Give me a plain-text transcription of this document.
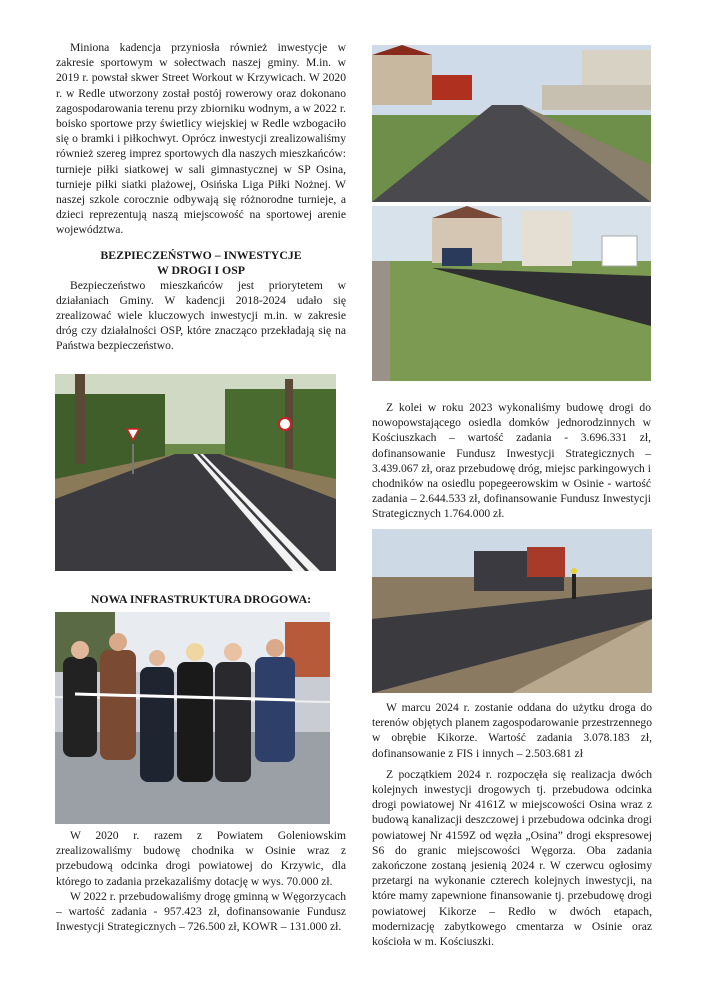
Miniona kadencja przyniosła również inwestycje w zakresie sportowym w sołectwach naszej gminy. M.in. w 2019 r. powstał skwer Street Workout w Krzywicach. W 2020 r. w Redle utworzony został postój rowerowy oraz dokonano zagospodarowania terenu przy zbiorniku wodnym, a w 2022 r. boisko sportowe przy świetlicy wiejskiej w Redle wzbogaciło się o bramki i piłkochwyt. Oprócz inwestycji zrealizowaliśmy również szereg imprez sportowych dla naszych mieszkańców: turnieje piłki siatkowej w sali gimnastycznej w SP Osina, turnieje piłki siatki plażowej, Osińska Liga Piłki Nożnej. W naszej szkole corocznie odbywają się różnorodne turnieje, a dzieci reprezentują naszą miejscowość na sportowej arenie województwa.

BEZPIECZEŃSTWO – INWESTYCJE

W DROGI I OSP

Bezpieczeństwo mieszkańców jest priorytetem w działaniach Gminy. W kadencji 2018-2024 udało się zrealizować wiele kluczowych inwestycji m.in. w zakresie dróg czy działalności OSP, które znacząco przekładają się na Państwa bezpieczeństwo.

NOWA INFRASTRUKTURA DROGOWA:

W 2020 r. razem z Powiatem Goleniowskim zrealizowaliśmy budowę chodnika w Osinie wraz z przebudową odcinka drogi powiatowej do Krzywic, dla którego to zadania przekazaliśmy dotację w wys. 70.000 zł.

W 2022 r. przebudowaliśmy drogę gminną w Węgorzycach – wartość zadania - 957.423 zł, dofinansowanie Fundusz Inwestycji Strategicznych – 726.500 zł, KOWR – 131.000 zł.

Z kolei w roku 2023 wykonaliśmy budowę drogi do nowopowstającego osiedla domków jednorodzinnych w Kościuszkach – wartość zadania - 3.696.331 zł, dofinansowanie Fundusz Inwestycji Strategicznych – 3.439.067 zł, oraz przebudowę dróg, miejsc parkingowych i chodników na osiedlu popegeerowskim w Osinie - wartość zadania – 2.644.533 zł, dofinansowanie Fundusz Inwestycji Strategicznych 1.764.000 zł.

W marcu 2024 r. zostanie oddana do użytku droga do terenów objętych planem zagospodarowanie przestrzennego w obrębie Kikorze. Wartość zadania 3.078.183 zł, dofinansowanie z FIS i innych – 2.503.681 zł

Z początkiem 2024 r. rozpoczęła się realizacja dwóch kolejnych inwestycji drogowych tj. przebudowa odcinka drogi powiatowej Nr 4161Z w miejscowości Osina wraz z budową kanalizacji deszczowej i przebudowa odcinka drogi powiatowej Nr 4159Z od węzła „Osina” drogi ekspresowej S6 do granic miejscowości Węgorza. Oba zadania zakończone zostaną jesienią 2024 r. W czerwcu ogłosimy przetargi na wykonanie czterech kolejnych inwestycji, na które mamy zapewnione finansowanie tj. przebudowę drogi powiatowej Kikorze – Redło w dwóch etapach, modernizację zabytkowego cmentarza w Osinie oraz kościoła w m. Kościuszki.
